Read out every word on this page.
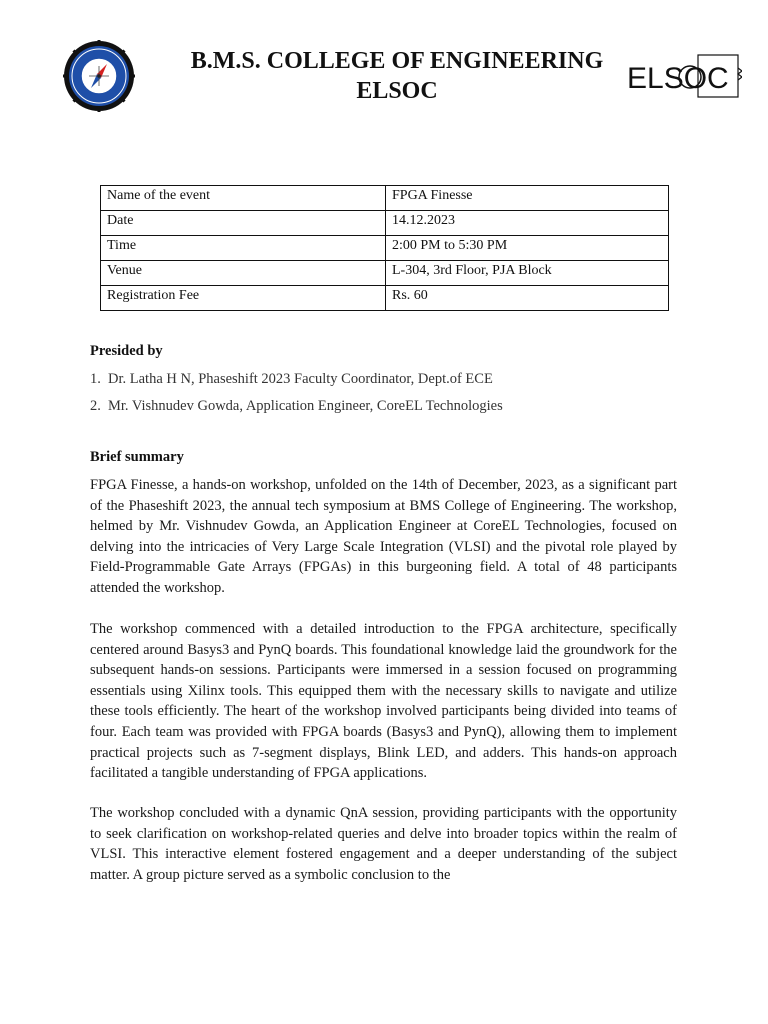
B.M.S. COLLEGE OF ENGINEERING
ELSOC	ELSOC
Name of the event	FPGA Finesse
Date	14.12.2023
Time	2:00 PM to 5:30 PM
Venue	L-304, 3rd Floor, PJA Block
Registration Fee	Rs. 60
Presided by
1. Dr. Latha H N, Phaseshift 2023 Faculty Coordinator, Dept.of ECE
2. Mr. Vishnudev Gowda, Application Engineer, CoreEL Technologies
Brief summary

FPGA Finesse, a hands-on workshop, unfolded on the 14th of December, 2023, as a significant part of the Phaseshift 2023, the annual tech symposium at BMS College of Engineering. The workshop, helmed by Mr. Vishnudev Gowda, an Application Engineer at CoreEL Technologies, focused on delving into the intricacies of Very Large Scale Integration (VLSI) and the pivotal role played by Field-Programmable Gate Arrays (FPGAs) in this burgeoning field. A total of 48 participants attended the workshop.

The workshop commenced with a detailed introduction to the FPGA architecture, specifically centered around Basys3 and PynQ boards. This foundational knowledge laid the groundwork for the subsequent hands-on sessions. Participants were immersed in a session focused on programming essentials using Xilinx tools. This equipped them with the necessary skills to navigate and utilize these tools efficiently. The heart of the workshop involved participants being divided into teams of four. Each team was provided with FPGA boards (Basys3 and PynQ), allowing them to implement practical projects such as 7-segment displays, Blink LED, and adders. This hands-on approach facilitated a tangible understanding of FPGA applications.

The workshop concluded with a dynamic QnA session, providing participants with the opportunity to seek clarification on workshop-related queries and delve into broader topics within the realm of VLSI. This interactive element fostered engagement and a deeper understanding of the subject matter. A group picture served as a symbolic conclusion to the
